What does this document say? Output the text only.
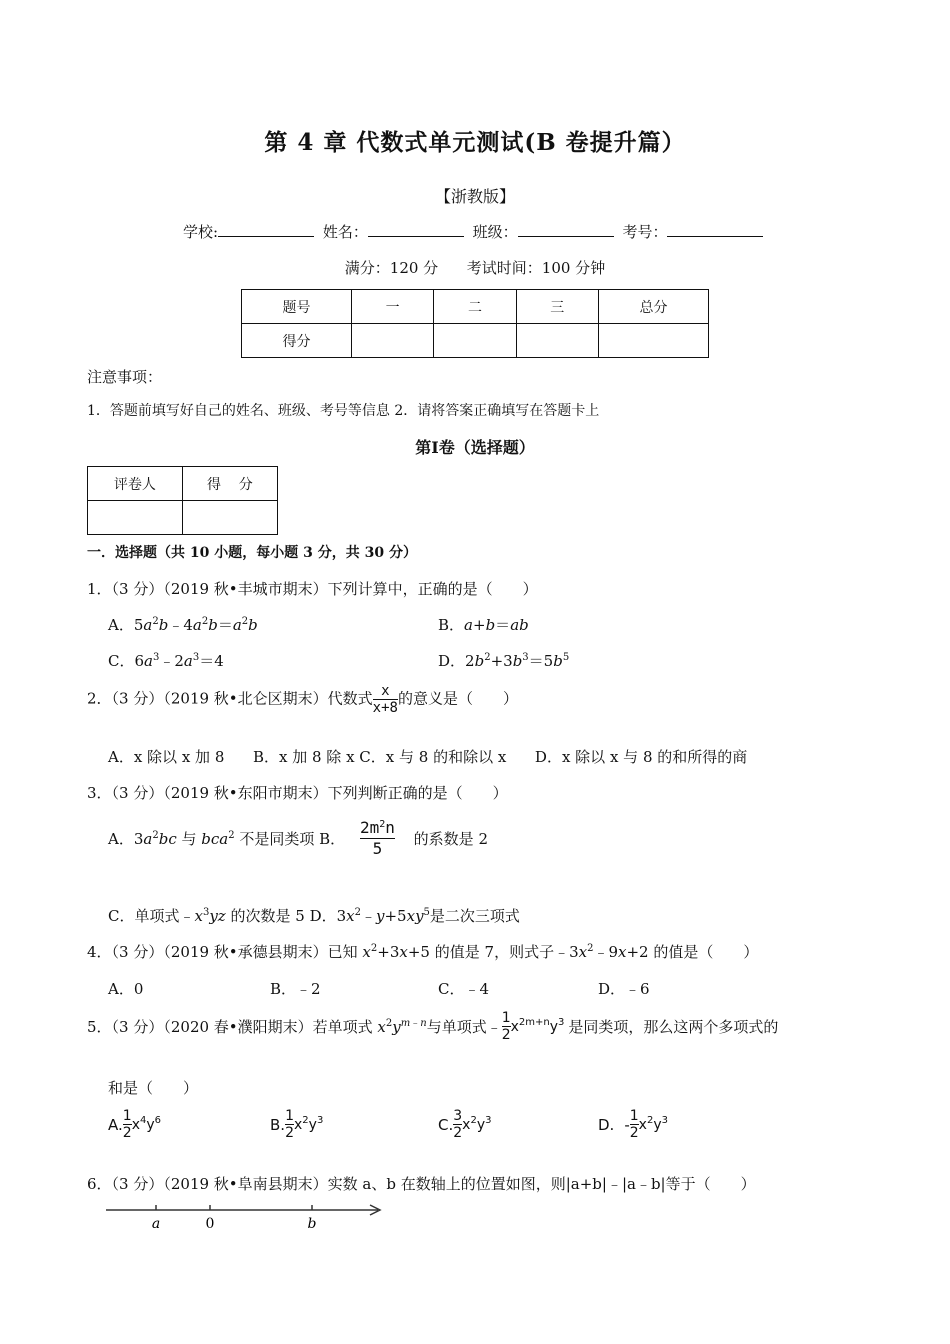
第 4 章 代数式单元测试(B 卷提升篇）
【浙教版】
学校:	姓名：	班级：	考号：
满分：120 分      考试时间：100 分钟
题号	一	二	三	总分
得分				
注意事项：
1．答题前填写好自己的姓名、班级、考号等信息 2．请将答案正确填写在答题卡上
第Ⅰ卷（选择题）
评卷人	得    分

一．选择题（共 10 小题，每小题 3 分，共 30 分）
1．（3 分）（2019 秋•丰城市期末）下列计算中，正确的是（　　）
A．$5a^2b﹣4a^2b=a^2b$	B．a+b＝ab
C．$6a^3﹣2a^3=4$	D．$2b^2+3b^3=5b^5$
2．（3 分）（2019 秋•北仑区期末）代数式 $\frac{x}{x+8}$ 的意义是（　　）
A．x 除以 x 加 8      B．x 加 8 除 x C．x 与 8 的和除以 x      D．x 除以 x 与 8 的和所得的商
3．（3 分）（2019 秋•东阳市期末）下列判断正确的是（　　）
A．$3a^2bc$ 与 bca$^2$ 不是同类项 B． $\frac{2m^2n}{5}$ 的系数是 2
C．单项式$﹣x^3yz$ 的次数是 5 D．$3x^2﹣y+5xy^5$是二次三项式
4．（3 分）（2019 秋•承德县期末）已知 $x^2+3x+5$ 的值是 7，则式子$﹣3x^2﹣9x+2$ 的值是（　　）
A．0	B．﹣2	C．﹣4	D．﹣6
5．（3 分）（2020 春•濮阳期末）若单项式 $x^2y^{m﹣n}$与单项式﹣ $\frac{1}{2} x^{2m+n}y^3$ 是同类项，那么这两个多项式的
和是（　　）
A. $\frac{1}{2} x^4y^6$	B. $\frac{1}{2} x^2y^3$	C. $\frac{3}{2} x^2y^3$	D. - $\frac{1}{2} x^2y^3$
6．（3 分）（2019 秋•阜南县期末）实数 a、b 在数轴上的位置如图，则|a+b|﹣|a﹣b|等于（　　）
a	0	b
